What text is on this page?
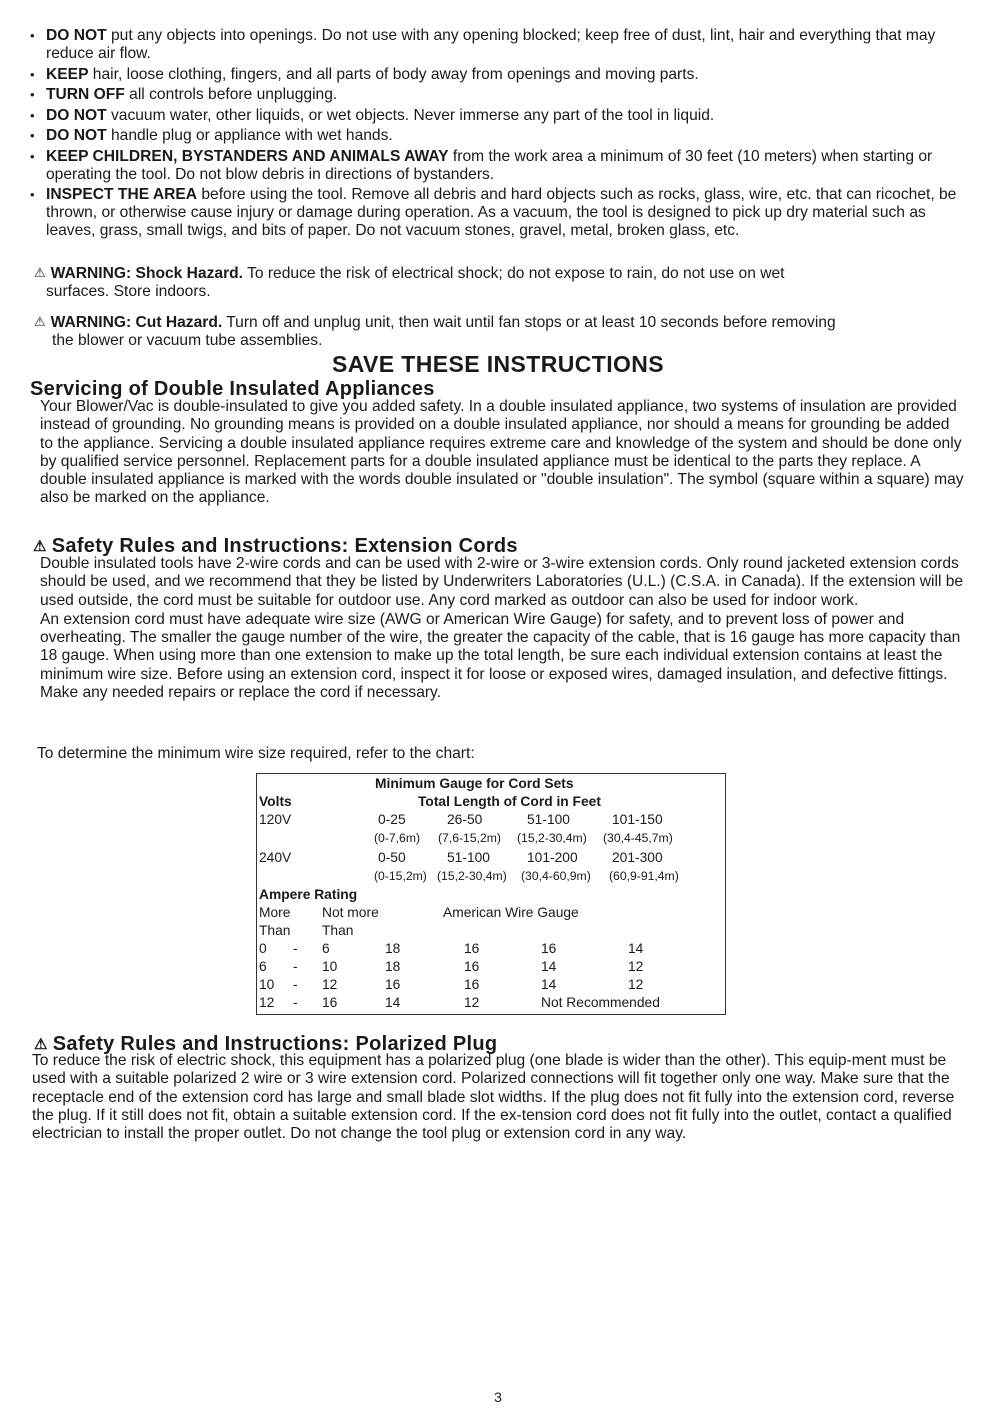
• DO NOT put any objects into openings. Do not use with any opening blocked; keep free of dust, lint, hair and everything that may reduce air flow.
• KEEP hair, loose clothing, fingers, and all parts of body away from openings and moving parts.
• TURN OFF all controls before unplugging.
• DO NOT vacuum water, other liquids, or wet objects. Never immerse any part of the tool in liquid.
• DO NOT handle plug or appliance with wet hands.
• KEEP CHILDREN, BYSTANDERS AND ANIMALS AWAY from the work area a minimum of 30 feet (10 meters) when starting or operating the tool. Do not blow debris in directions of bystanders.
• INSPECT THE AREA before using the tool. Remove all debris and hard objects such as rocks, glass, wire, etc. that can ricochet, be thrown, or otherwise cause injury or damage during operation. As a vacuum, the tool is designed to pick up dry material such as leaves, grass, small twigs, and bits of paper. Do not vacuum stones, gravel, metal, broken glass, etc.
⚠ WARNING: Shock Hazard. To reduce the risk of electrical shock; do not expose to rain, do not use on wet
surfaces. Store indoors.
⚠ WARNING: Cut Hazard. Turn off and unplug unit, then wait until fan stops or at least 10 seconds before removing
the blower or vacuum tube assemblies.
SAVE THESE INSTRUCTIONS
Servicing of Double Insulated Appliances

Your Blower/Vac is double-insulated to give you added safety. In a double insulated appliance, two systems of insulation are provided instead of grounding. No grounding means is provided on a double insulated appliance, nor should a means for grounding be added to the appliance. Servicing a double insulated appliance requires extreme care and knowledge of the system and should be done only by qualified service personnel. Replacement parts for a double insulated appliance must be identical to the parts they replace. A double insulated appliance is marked with the words double insulated or "double insulation". The symbol (square within a square) may also be marked on the appliance.

⚠ Safety Rules and Instructions: Extension Cords

Double insulated tools have 2-wire cords and can be used with 2-wire or 3-wire extension cords. Only round jacketed extension cords should be used, and we recommend that they be listed by Underwriters Laboratories (U.L.) (C.S.A. in Canada). If the extension will be used outside, the cord must be suitable for outdoor use. Any cord marked as outdoor can also be used for indoor work.

An extension cord must have adequate wire size (AWG or American Wire Gauge) for safety, and to prevent loss of power and overheating. The smaller the gauge number of the wire, the greater the capacity of the cable, that is 16 gauge has more capacity than 18 gauge. When using more than one extension to make up the total length, be sure each individual extension contains at least the minimum wire size. Before using an extension cord, inspect it for loose or exposed wires, damaged insulation, and defective fittings. Make any needed repairs or replace the cord if necessary.

To determine the minimum wire size required, refer to the chart:

Minimum Gauge for Cord Sets
Volts	Total Length of Cord in Feet
120V	0-25	26-50	51-100	101-150
(0-7,6m) (7,6-15,2m) (15,2-30,4m) (30,4-45,7m)
240V	0-50	51-100	101-200 201-300
(0-15,2m) (15,2-30,4m) (30,4-60,9m) (60,9-91,4m)
Ampere Rating
More Not more	American Wire Gauge
Than Than
0 - 6	18	16	16	14
6 - 10	18	16	14	12
10 - 12	16	16	14	12
12 - 16	14	12	Not Recommended
⚠ Safety Rules and Instructions: Polarized Plug

To reduce the risk of electric shock, this equipment has a polarized plug (one blade is wider than the other). This equip-ment must be used with a suitable polarized 2 wire or 3 wire extension cord. Polarized connections will fit together only one way. Make sure that the receptacle end of the extension cord has large and small blade slot widths. If the plug does not fit fully into the extension cord, reverse the plug. If it still does not fit, obtain a suitable extension cord. If the ex-tension cord does not fit fully into the outlet, contact a qualified electrician to install the proper outlet. Do not change the tool plug or extension cord in any way.

3
